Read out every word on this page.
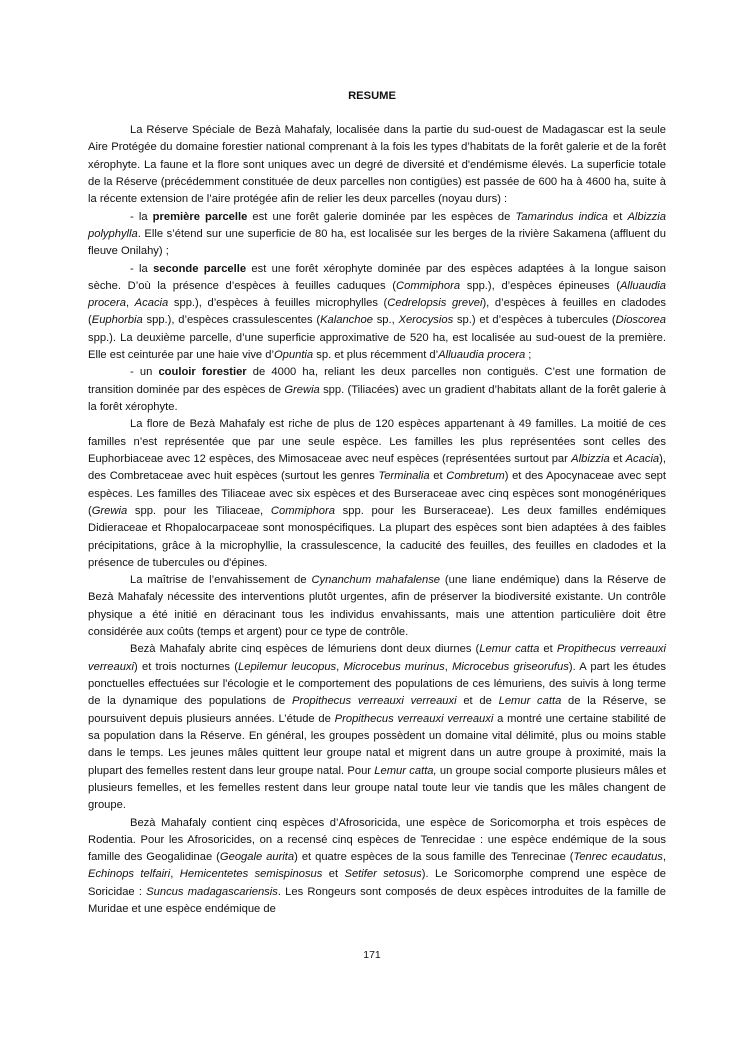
RESUME

La Réserve Spéciale de Bezà Mahafaly, localisée dans la partie du sud-ouest de Madagascar est la seule Aire Protégée du domaine forestier national comprenant à la fois les types d’habitats de la forêt galerie et de la forêt xérophyte. La faune et la flore sont uniques avec un degré de diversité et d'endémisme élevés. La superficie totale de la Réserve (précédemment constituée de deux parcelles non contigües) est passée de 600 ha à 4600 ha, suite à la récente extension de l’aire protégée afin de relier les deux parcelles (noyau durs) :

- la première parcelle est une forêt galerie dominée par les espèces de Tamarindus indica et Albizzia polyphylla. Elle s’étend sur une superficie de 80 ha, est localisée sur les berges de la rivière Sakamena (affluent du fleuve Onilahy) ;

- la seconde parcelle est une forêt xérophyte dominée par des espèces adaptées à la longue saison sèche. D’où la présence d’espèces à feuilles caduques (Commiphora spp.), d’espèces épineuses (Alluaudia procera, Acacia spp.), d’espèces à feuilles microphylles (Cedrelopsis grevei), d’espèces à feuilles en cladodes (Euphorbia spp.), d’espèces crassulescentes (Kalanchoe sp., Xerocysios sp.) et d’espèces à tubercules (Dioscorea spp.). La deuxième parcelle, d’une superficie approximative de 520 ha, est localisée au sud-ouest de la première. Elle est ceinturée par une haie vive d’Opuntia sp. et plus récemment d’Alluaudia procera ;

- un couloir forestier de 4000 ha, reliant les deux parcelles non contiguës. C’est une formation de transition dominée par des espèces de Grewia spp. (Tiliacées) avec un gradient d’habitats allant de la forêt galerie à la forêt xérophyte.

La flore de Bezà Mahafaly est riche de plus de 120 espèces appartenant à 49 familles. La moitié de ces familles n’est représentée que par une seule espèce. Les familles les plus représentées sont celles des Euphorbiaceae avec 12 espèces, des Mimosaceae avec neuf espèces (représentées surtout par Albizzia et Acacia), des Combretaceae avec huit espèces (surtout les genres Terminalia et Combretum) et des Apocynaceae avec sept espèces. Les familles des Tiliaceae avec six espèces et des Burseraceae avec cinq espèces sont monogénériques (Grewia spp. pour les Tiliaceae, Commiphora spp. pour les Burseraceae). Les deux familles endémiques Didieraceae et Rhopalocarpaceae sont monospécifiques. La plupart des espèces sont bien adaptées à des faibles précipitations, grâce à la microphyllie, la crassulescence, la caducité des feuilles, des feuilles en cladodes et la présence de tubercules ou d'épines.

La maîtrise de l’envahissement de Cynanchum mahafalense (une liane endémique) dans la Réserve de Bezà Mahafaly nécessite des interventions plutôt urgentes, afin de préserver la biodiversité existante. Un contrôle physique a été initié en déracinant tous les individus envahissants, mais une attention particulière doit être considérée aux coûts (temps et argent) pour ce type de contrôle.

Bezà Mahafaly abrite cinq espèces de lémuriens dont deux diurnes (Lemur catta et Propithecus verreauxi verreauxi) et trois nocturnes (Lepilemur leucopus, Microcebus murinus, Microcebus griseorufus). A part les études ponctuelles effectuées sur l'écologie et le comportement des populations de ces lémuriens, des suivis à long terme de la dynamique des populations de Propithecus verreauxi verreauxi et de Lemur catta de la Réserve, se poursuivent depuis plusieurs années. L’étude de Propithecus verreauxi verreauxi a montré une certaine stabilité de sa population dans la Réserve. En général, les groupes possèdent un domaine vital délimité, plus ou moins stable dans le temps. Les jeunes mâles quittent leur groupe natal et migrent dans un autre groupe à proximité, mais la plupart des femelles restent dans leur groupe natal. Pour Lemur catta, un groupe social comporte plusieurs mâles et plusieurs femelles, et les femelles restent dans leur groupe natal toute leur vie tandis que les mâles changent de groupe.

Bezà Mahafaly contient cinq espèces d’Afrosoricida, une espèce de Soricomorpha et trois espèces de Rodentia. Pour les Afrosoricides, on a recensé cinq espèces de Tenrecidae : une espèce endémique de la sous famille des Geogalidinae (Geogale aurita) et quatre espèces de la sous famille des Tenrecinae (Tenrec ecaudatus, Echinops telfairi, Hemicentetes semispinosus et Setifer setosus). Le Soricomorphe comprend une espèce de Soricidae : Suncus madagascariensis. Les Rongeurs sont composés de deux espèces introduites de la famille de Muridae et une espèce endémique de

171
